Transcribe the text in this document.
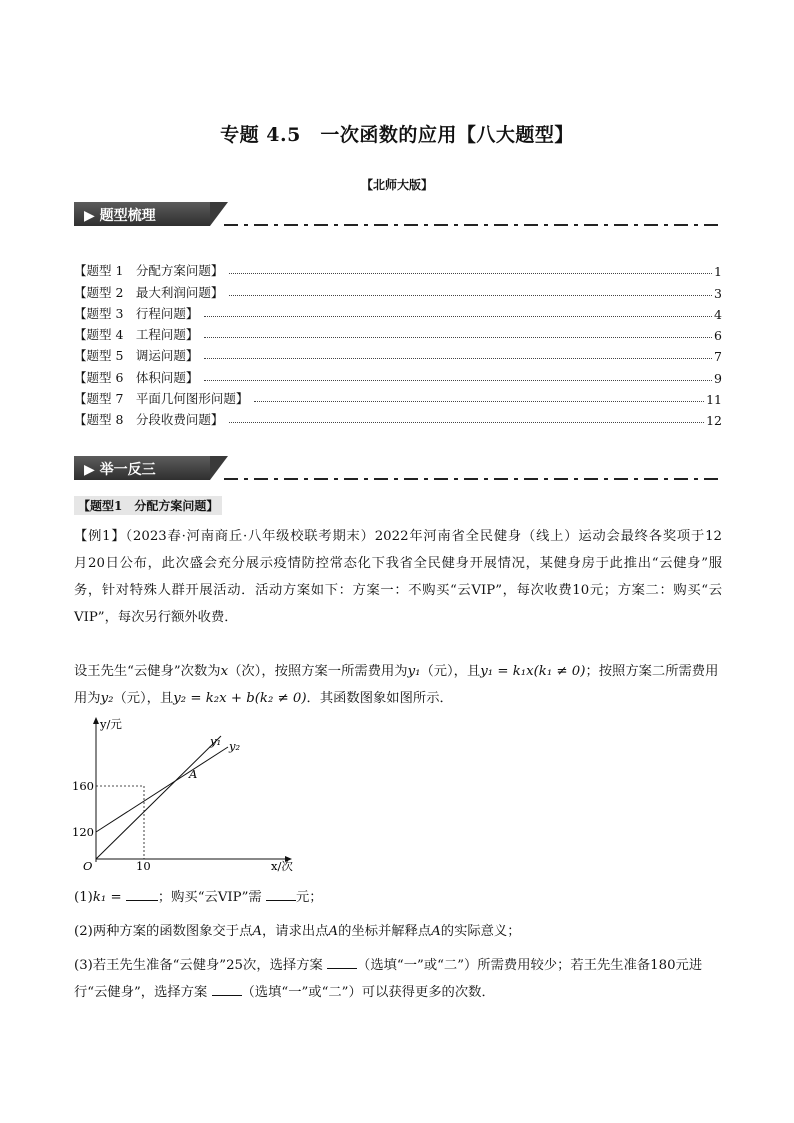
专题 4.5　一次函数的应用【八大题型】
【北师大版】
▶ 题型梳理
【题型 1　分配方案问题】	1
【题型 2　最大利润问题】	3
【题型 3　行程问题】	4
【题型 4　工程问题】	6
【题型 5　调运问题】	7
【题型 6　体积问题】	9
【题型 7　平面几何图形问题】	11
【题型 8　分段收费问题】	12
▶ 举一反三
【题型1　分配方案问题】
【例1】（2023春·河南商丘·八年级校联考期末）2022年河南省全民健身（线上）运动会最终各奖项于12
月20日公布，此次盛会充分展示疫情防控常态化下我省全民健身开展情况，某健身房于此推出“云健身”服
务，针对特殊人群开展活动．活动方案如下：方案一：不购买“云VIP”，每次收费10元；方案二：购买“云
VIP”，每次另行额外收费．
设王先生“云健身”次数为x（次），按照方案一所需费用为y₁（元），且y₁ = k₁x(k₁ ≠ 0)；按照方案二所需费用
用为y₂（元），且y₂ = k₂x + b(k₂ ≠ 0)．其函数图象如图所示．
y/元
x/次
O
160
120
10
y₁ y₂
A
(1)k₁ = ；购买“云VIP”需 元；
(2)两种方案的函数图象交于点A，请求出点A的坐标并解释点A的实际意义；
(3)若王先生准备“云健身”25次，选择方案 （选填“一”或“二”）所需费用较少；若王先生准备180元进
行“云健身”，选择方案 （选填“一”或“二”）可以获得更多的次数．
